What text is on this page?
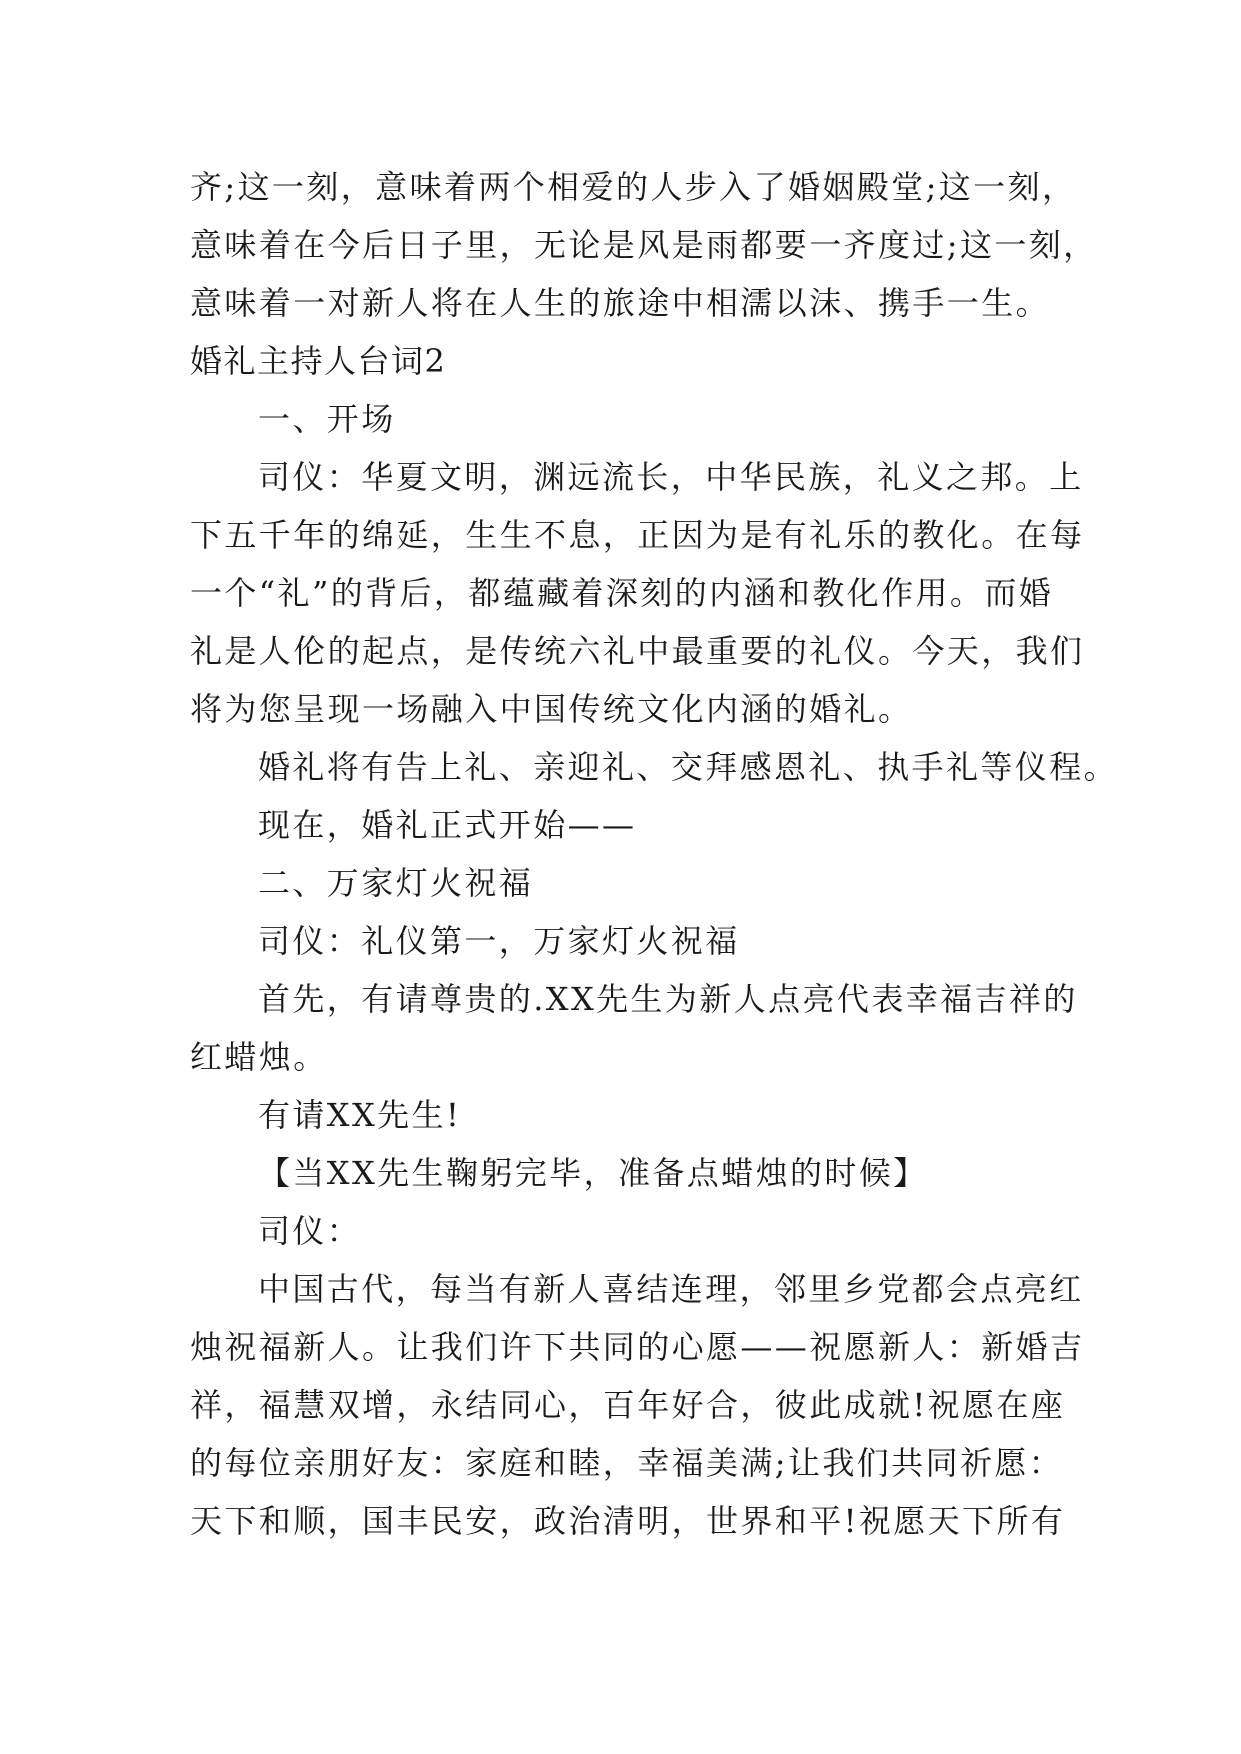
齐;这一刻，意味着两个相爱的人步入了婚姻殿堂;这一刻，

意味着在今后日子里，无论是风是雨都要一齐度过;这一刻，

意味着一对新人将在人生的旅途中相濡以沫、携手一生。

婚礼主持人台词2

一、开场

司仪：华夏文明，渊远流长，中华民族，礼义之邦。上

下五千年的绵延，生生不息，正因为是有礼乐的教化。在每

一个“礼”的背后，都蕴藏着深刻的内涵和教化作用。而婚

礼是人伦的起点，是传统六礼中最重要的礼仪。今天，我们

将为您呈现一场融入中国传统文化内涵的婚礼。

婚礼将有告上礼、亲迎礼、交拜感恩礼、执手礼等仪程。

现在，婚礼正式开始——

二、万家灯火祝福

司仪：礼仪第一，万家灯火祝福

首先，有请尊贵的.XX先生为新人点亮代表幸福吉祥的

红蜡烛。

有请XX先生!

【当XX先生鞠躬完毕，准备点蜡烛的时候】

司仪：

中国古代，每当有新人喜结连理，邻里乡党都会点亮红

烛祝福新人。让我们许下共同的心愿——祝愿新人：新婚吉

祥，福慧双增，永结同心，百年好合，彼此成就!祝愿在座

的每位亲朋好友：家庭和睦，幸福美满;让我们共同祈愿：

天下和顺，国丰民安，政治清明，世界和平!祝愿天下所有
